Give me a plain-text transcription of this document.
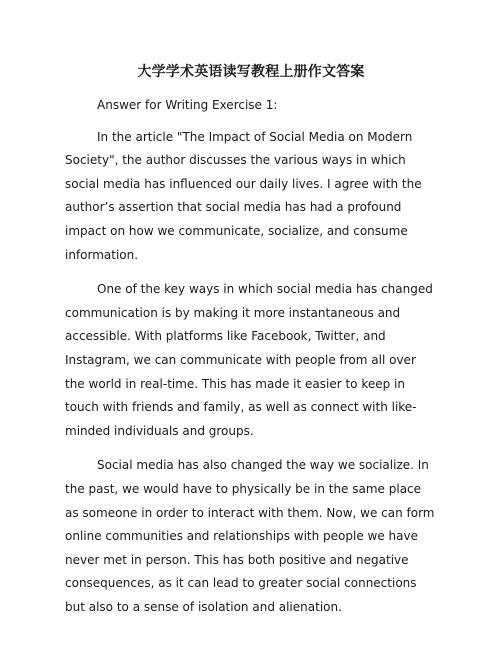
大学学术英语读写教程上册作文答案

Answer for Writing Exercise 1:

In the article "The Impact of Social Media on Modern Society", the author discusses the various ways in which social media has influenced our daily lives. I agree with the author’s assertion that social media has had a profound impact on how we communicate, socialize, and consume information.

One of the key ways in which social media has changed communication is by making it more instantaneous and accessible. With platforms like Facebook, Twitter, and Instagram, we can communicate with people from all over the world in real-time. This has made it easier to keep in touch with friends and family, as well as connect with like-minded individuals and groups.

Social media has also changed the way we socialize. In the past, we would have to physically be in the same place as someone in order to interact with them. Now, we can form online communities and relationships with people we have never met in person. This has both positive and negative consequences, as it can lead to greater social connections but also to a sense of isolation and alienation.
